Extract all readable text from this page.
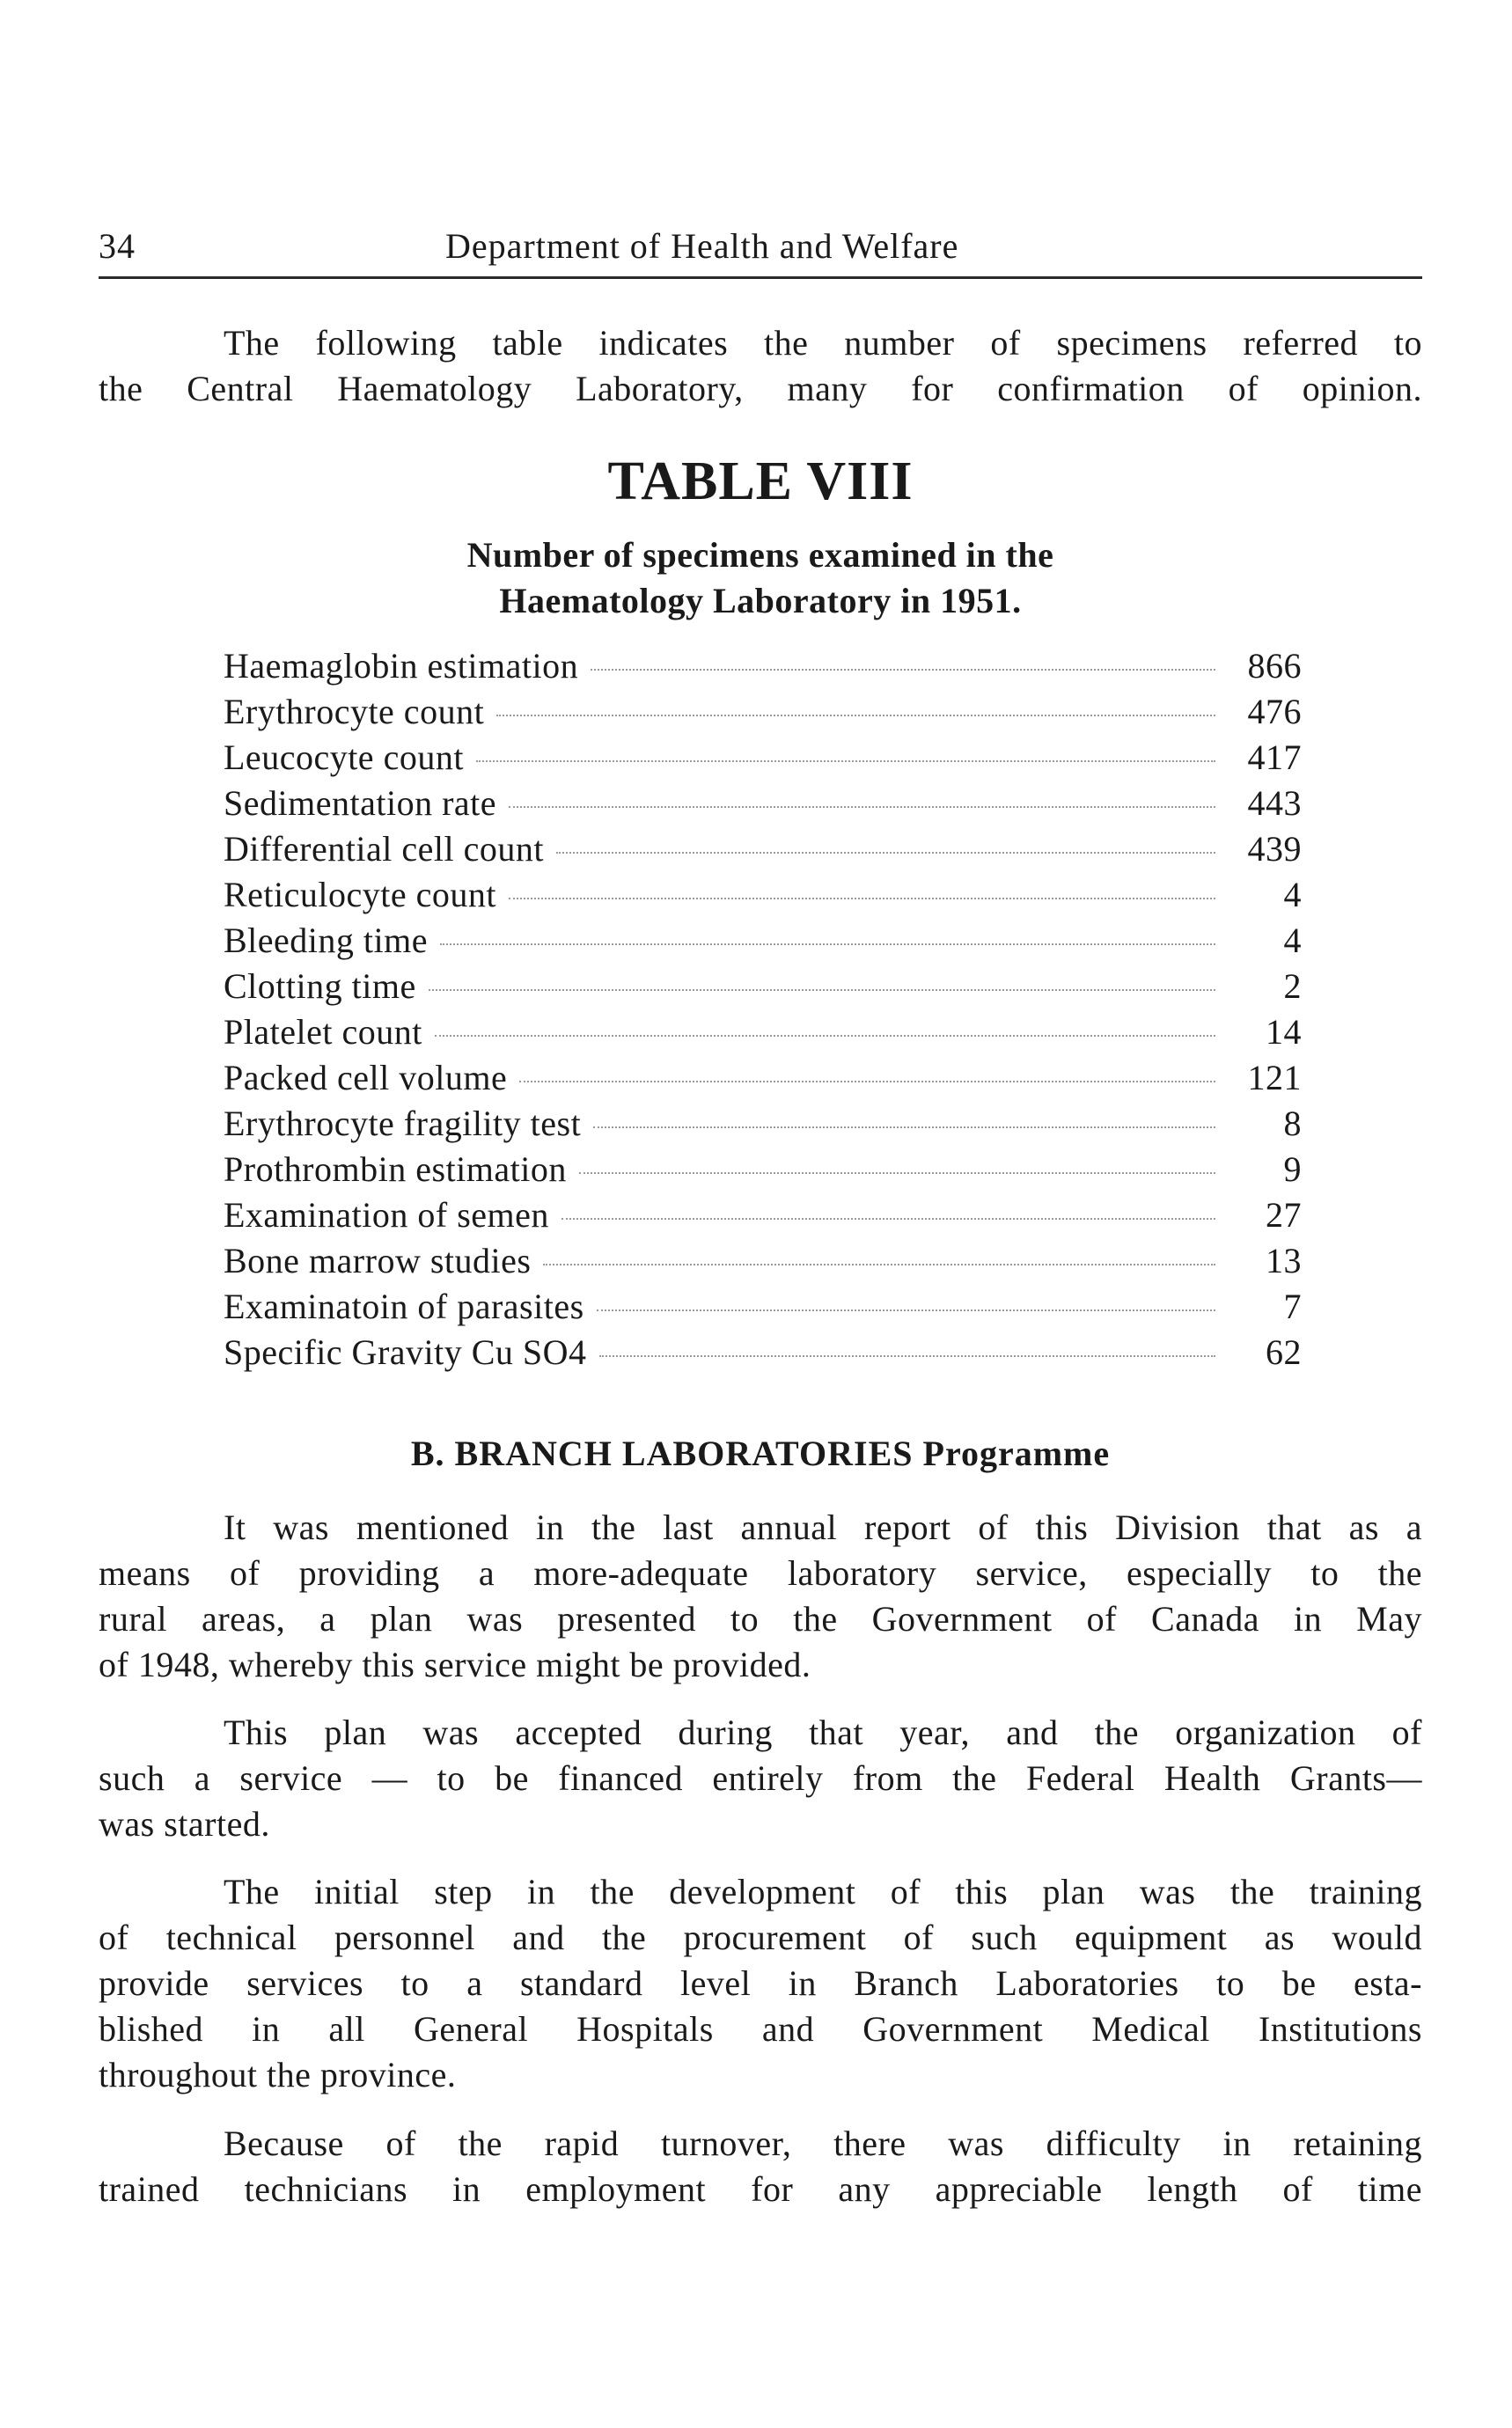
34	Department of Health and Welfare
The following table indicates the number of specimens referred to
the Central Haematology Laboratory, many for confirmation of opinion.
TABLE VIII
Number of specimens examined in the
Haematology Laboratory in 1951.
Haemaglobin estimation	866
Erythrocyte count	476
Leucocyte count	417
Sedimentation rate	443
Differential cell count	439
Reticulocyte count	4
Bleeding time	4
Clotting time	2
Platelet count	14
Packed cell volume	121
Erythrocyte fragility test	8
Prothrombin estimation	9
Examination of semen	27
Bone marrow studies	13
Examinatoin of parasites	7
Specific Gravity Cu SO4	62
B. BRANCH LABORATORIES Programme
It was mentioned in the last annual report of this Division that as a
means of providing a more-adequate laboratory service, especially to the
rural areas, a plan was presented to the Government of Canada in May
of 1948, whereby this service might be provided.
This plan was accepted during that year, and the organization of
such a service — to be financed entirely from the Federal Health Grants—
was started.
The initial step in the development of this plan was the training
of technical personnel and the procurement of such equipment as would
provide services to a standard level in Branch Laboratories to be esta-
blished in all General Hospitals and Government Medical Institutions
throughout the province.
Because of the rapid turnover, there was difficulty in retaining
trained technicians in employment for any appreciable length of time
